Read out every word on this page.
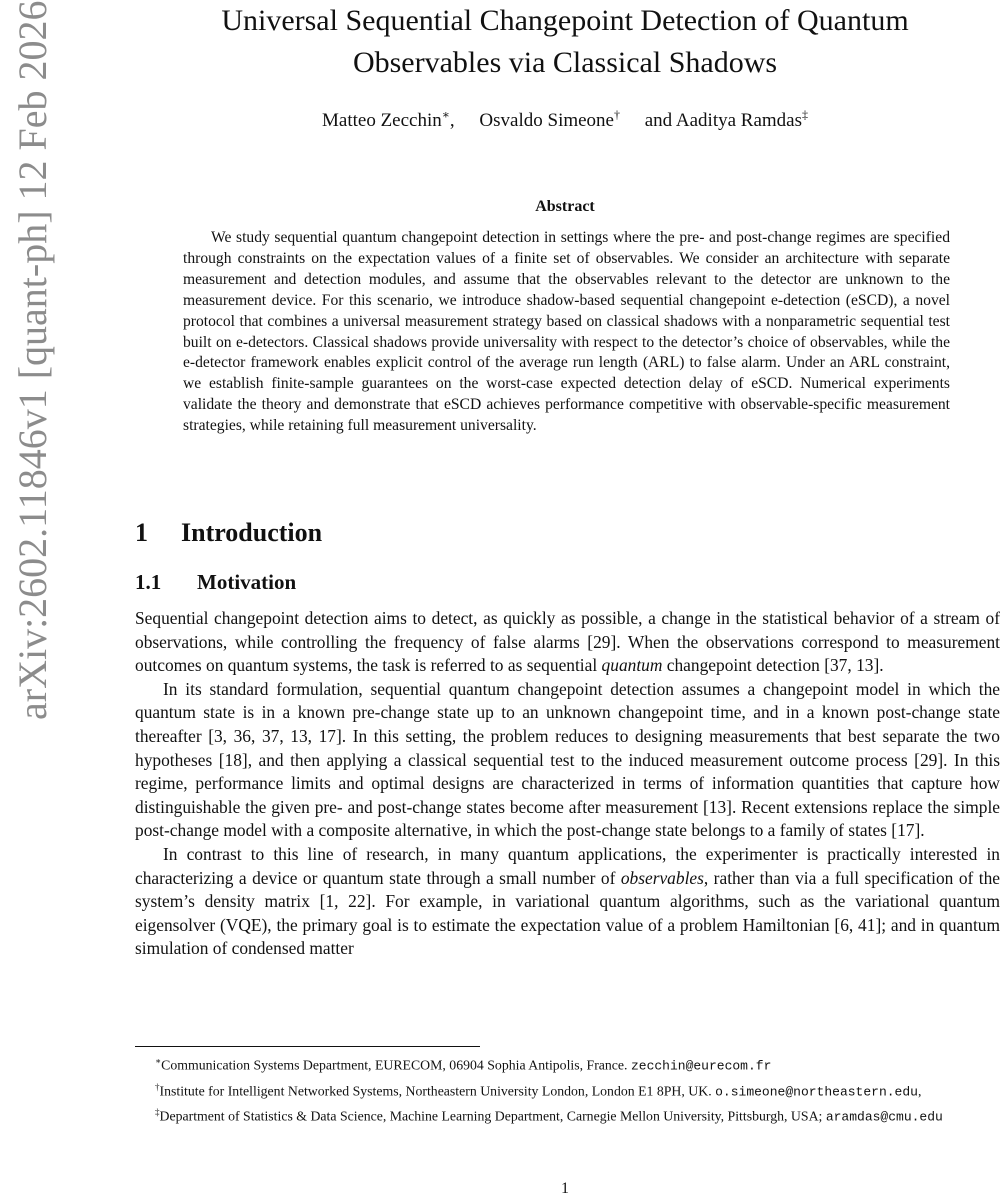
arXiv:2602.11846v1 [quant-ph] 12 Feb 2026	Universal Sequential Changepoint Detection of Quantum
Observables via Classical Shadows
Matteo Zecchin∗, Osvaldo Simeone† and Aaditya Ramdas‡
Abstract

We study sequential quantum changepoint detection in settings where the pre- and post-change regimes are specified through constraints on the expectation values of a finite set of observables. We consider an architecture with separate measurement and detection modules, and assume that the observables relevant to the detector are unknown to the measurement device. For this scenario, we introduce shadow-based sequential changepoint e-detection (eSCD), a novel protocol that combines a universal measurement strategy based on classical shadows with a nonparametric sequential test built on e-detectors. Classical shadows provide universality with respect to the detector’s choice of observables, while the e-detector framework enables explicit control of the average run length (ARL) to false alarm. Under an ARL constraint, we establish finite-sample guarantees on the worst-case expected detection delay of eSCD. Numerical experiments validate the theory and demonstrate that eSCD achieves performance competitive with observable-specific measurement strategies, while retaining full measurement universality.

1 Introduction
1.1 Motivation

Sequential changepoint detection aims to detect, as quickly as possible, a change in the statistical behavior of a stream of observations, while controlling the frequency of false alarms [29]. When the observations correspond to measurement outcomes on quantum systems, the task is referred to as sequential quantum changepoint detection [37, 13].

In its standard formulation, sequential quantum changepoint detection assumes a changepoint model in which the quantum state is in a known pre-change state up to an unknown changepoint time, and in a known post-change state thereafter [3, 36, 37, 13, 17]. In this setting, the problem reduces to designing measurements that best separate the two hypotheses [18], and then applying a classical sequential test to the induced measurement outcome process [29]. In this regime, performance limits and optimal designs are characterized in terms of information quantities that capture how distinguishable the given pre- and post-change states become after measurement [13]. Recent extensions replace the simple post-change model with a composite alternative, in which the post-change state belongs to a family of states [17].

In contrast to this line of research, in many quantum applications, the experimenter is practically interested in characterizing a device or quantum state through a small number of observables, rather than via a full specification of the system’s density matrix [1, 22]. For example, in variational quantum algorithms, such as the variational quantum eigensolver (VQE), the primary goal is to estimate the expectation value of a problem Hamiltonian [6, 41]; and in quantum simulation of condensed matter

∗Communication Systems Department, EURECOM, 06904 Sophia Antipolis, France. zecchin@eurecom.fr

†Institute for Intelligent Networked Systems, Northeastern University London, London E1 8PH, UK. o.simeone@northeastern.edu,

‡Department of Statistics & Data Science, Machine Learning Department, Carnegie Mellon University, Pittsburgh, USA; aramdas@cmu.edu

1
